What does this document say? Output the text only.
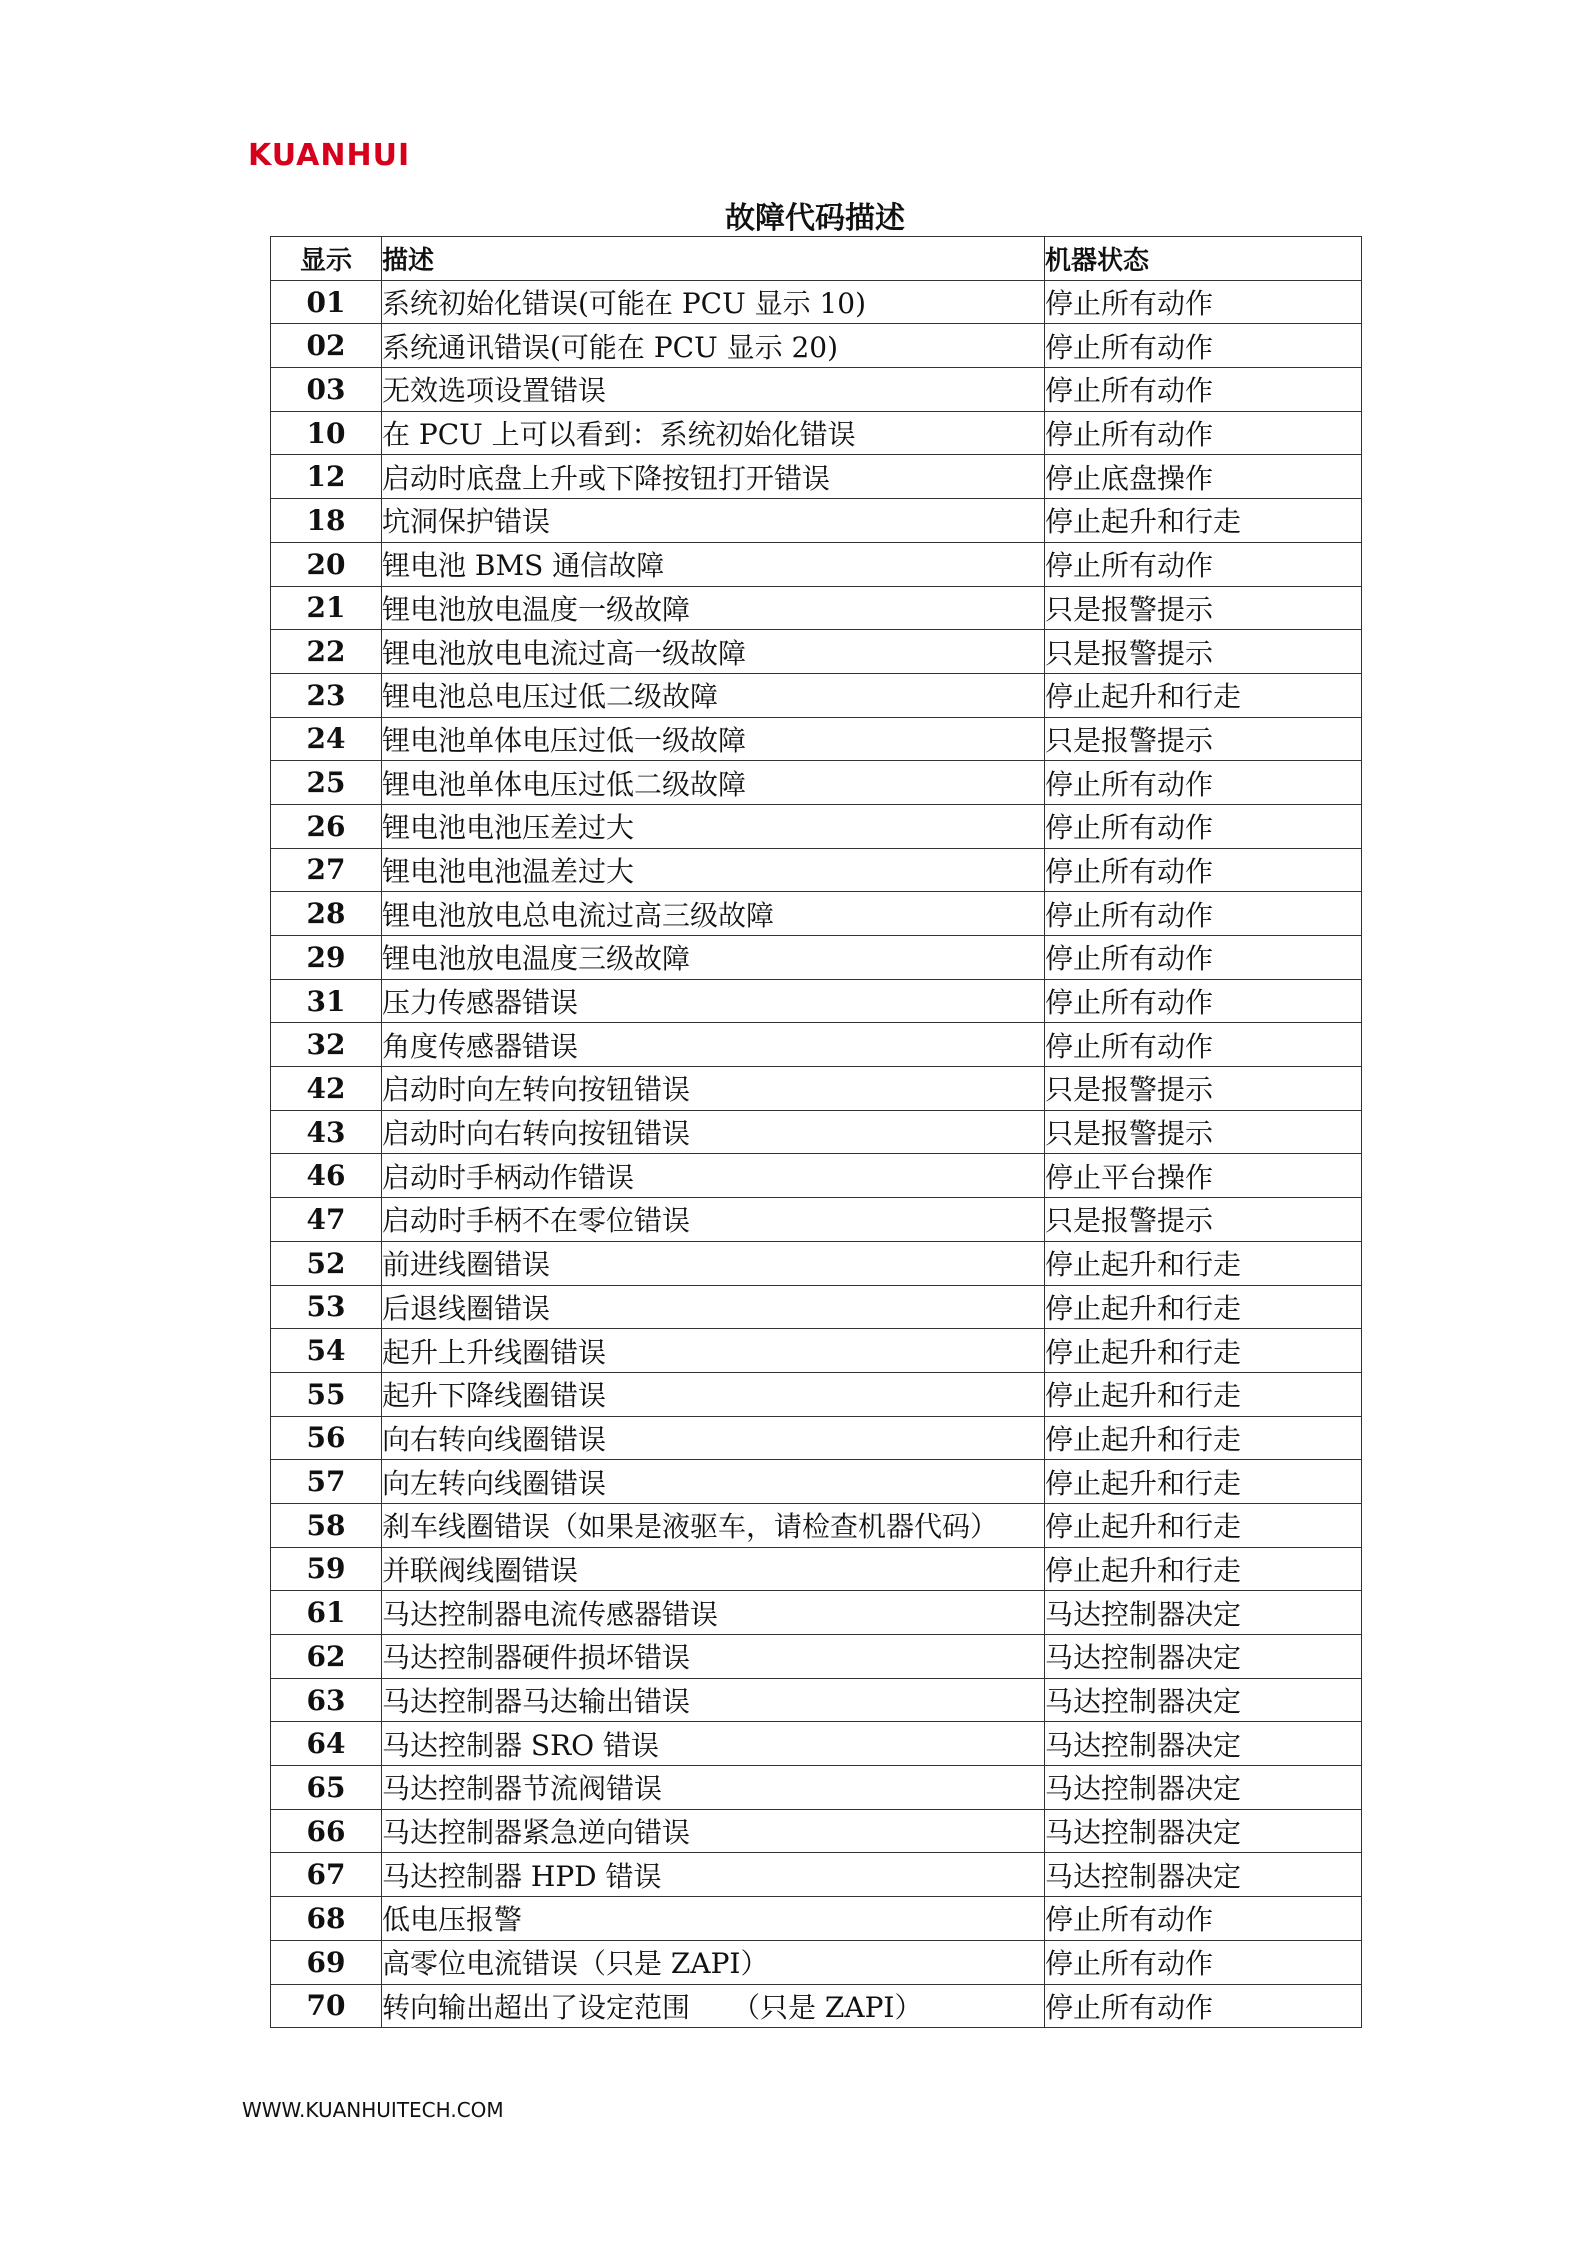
KUANHUI
故障代码描述
显示	描述	机器状态
01	系统初始化错误(可能在 PCU 显示 10)	停止所有动作
02	系统通讯错误(可能在 PCU 显示 20)	停止所有动作
03	无效选项设置错误	停止所有动作
10	在 PCU 上可以看到：系统初始化错误	停止所有动作
12	启动时底盘上升或下降按钮打开错误	停止底盘操作
18	坑洞保护错误	停止起升和行走
20	锂电池 BMS 通信故障	停止所有动作
21	锂电池放电温度一级故障	只是报警提示
22	锂电池放电电流过高一级故障	只是报警提示
23	锂电池总电压过低二级故障	停止起升和行走
24	锂电池单体电压过低一级故障	只是报警提示
25	锂电池单体电压过低二级故障	停止所有动作
26	锂电池电池压差过大	停止所有动作
27	锂电池电池温差过大	停止所有动作
28	锂电池放电总电流过高三级故障	停止所有动作
29	锂电池放电温度三级故障	停止所有动作
31	压力传感器错误	停止所有动作
32	角度传感器错误	停止所有动作
42	启动时向左转向按钮错误	只是报警提示
43	启动时向右转向按钮错误	只是报警提示
46	启动时手柄动作错误	停止平台操作
47	启动时手柄不在零位错误	只是报警提示
52	前进线圈错误	停止起升和行走
53	后退线圈错误	停止起升和行走
54	起升上升线圈错误	停止起升和行走
55	起升下降线圈错误	停止起升和行走
56	向右转向线圈错误	停止起升和行走
57	向左转向线圈错误	停止起升和行走
58	刹车线圈错误（如果是液驱车，请检查机器代码）	停止起升和行走
59	并联阀线圈错误	停止起升和行走
61	马达控制器电流传感器错误	马达控制器决定
62	马达控制器硬件损坏错误	马达控制器决定
63	马达控制器马达输出错误	马达控制器决定
64	马达控制器 SRO 错误	马达控制器决定
65	马达控制器节流阀错误	马达控制器决定
66	马达控制器紧急逆向错误	马达控制器决定
67	马达控制器 HPD 错误	马达控制器决定
68	低电压报警	停止所有动作
69	高零位电流错误（只是 ZAPI）	停止所有动作
70	转向输出超出了设定范围　　（只是 ZAPI）	停止所有动作
WWW.KUANHUITECH.COM
